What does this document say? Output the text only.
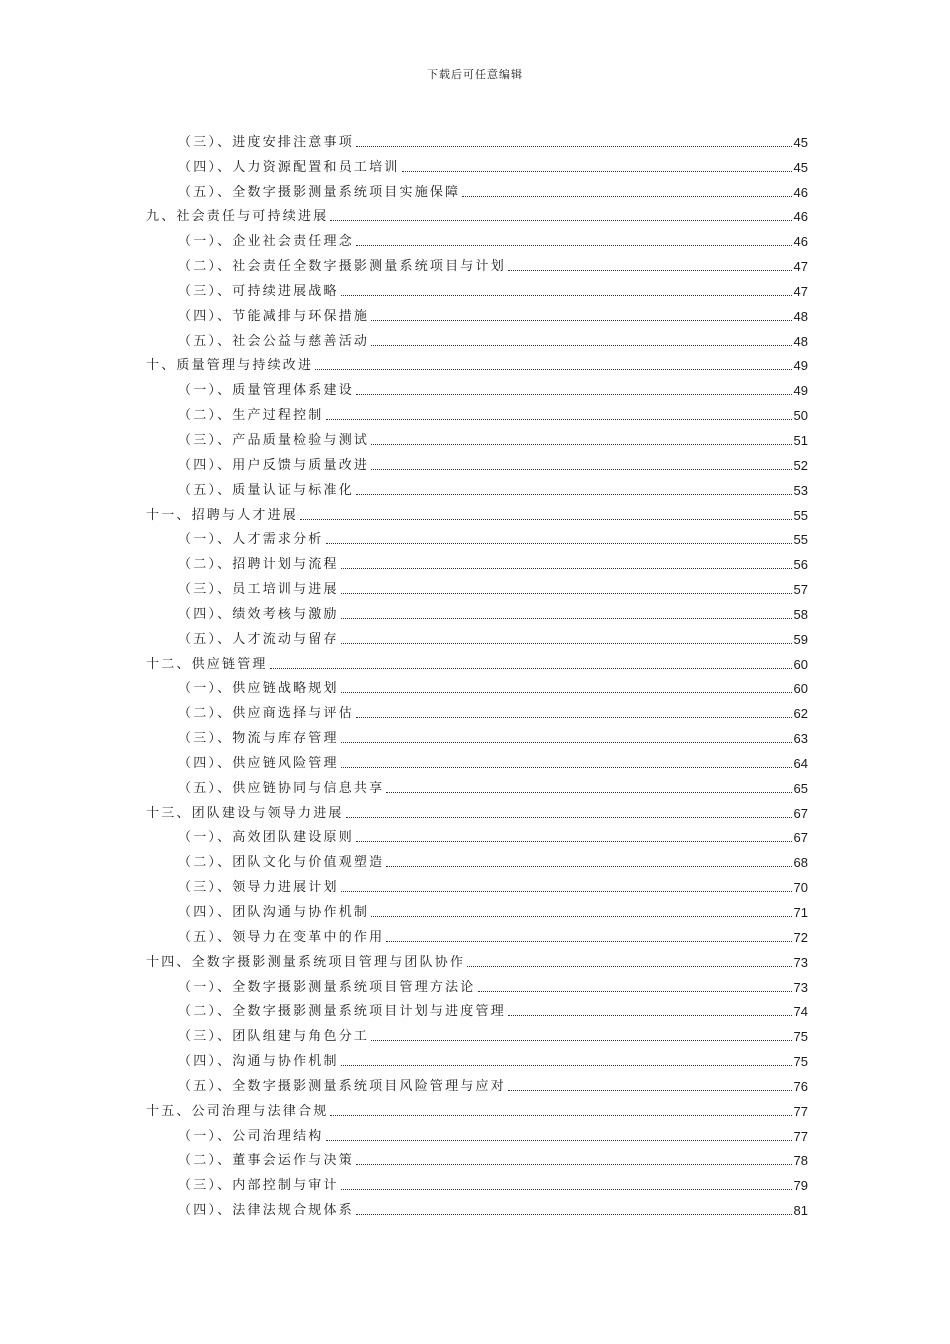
下载后可任意编辑
（三）、进度安排注意事项	45
（四）、人力资源配置和员工培训	45
（五）、全数字摄影测量系统项目实施保障	46
九、社会责任与可持续进展	46
（一）、企业社会责任理念	46
（二）、社会责任全数字摄影测量系统项目与计划	47
（三）、可持续进展战略	47
（四）、节能减排与环保措施	48
（五）、社会公益与慈善活动	48
十、质量管理与持续改进	49
（一）、质量管理体系建设	49
（二）、生产过程控制	50
（三）、产品质量检验与测试	51
（四）、用户反馈与质量改进	52
（五）、质量认证与标准化	53
十一、招聘与人才进展	55
（一）、人才需求分析	55
（二）、招聘计划与流程	56
（三）、员工培训与进展	57
（四）、绩效考核与激励	58
（五）、人才流动与留存	59
十二、供应链管理	60
（一）、供应链战略规划	60
（二）、供应商选择与评估	62
（三）、物流与库存管理	63
（四）、供应链风险管理	64
（五）、供应链协同与信息共享	65
十三、团队建设与领导力进展	67
（一）、高效团队建设原则	67
（二）、团队文化与价值观塑造	68
（三）、领导力进展计划	70
（四）、团队沟通与协作机制	71
（五）、领导力在变革中的作用	72
十四、全数字摄影测量系统项目管理与团队协作	73
（一）、全数字摄影测量系统项目管理方法论	73
（二）、全数字摄影测量系统项目计划与进度管理	74
（三）、团队组建与角色分工	75
（四）、沟通与协作机制	75
（五）、全数字摄影测量系统项目风险管理与应对	76
十五、公司治理与法律合规	77
（一）、公司治理结构	77
（二）、董事会运作与决策	78
（三）、内部控制与审计	79
（四）、法律法规合规体系	81
